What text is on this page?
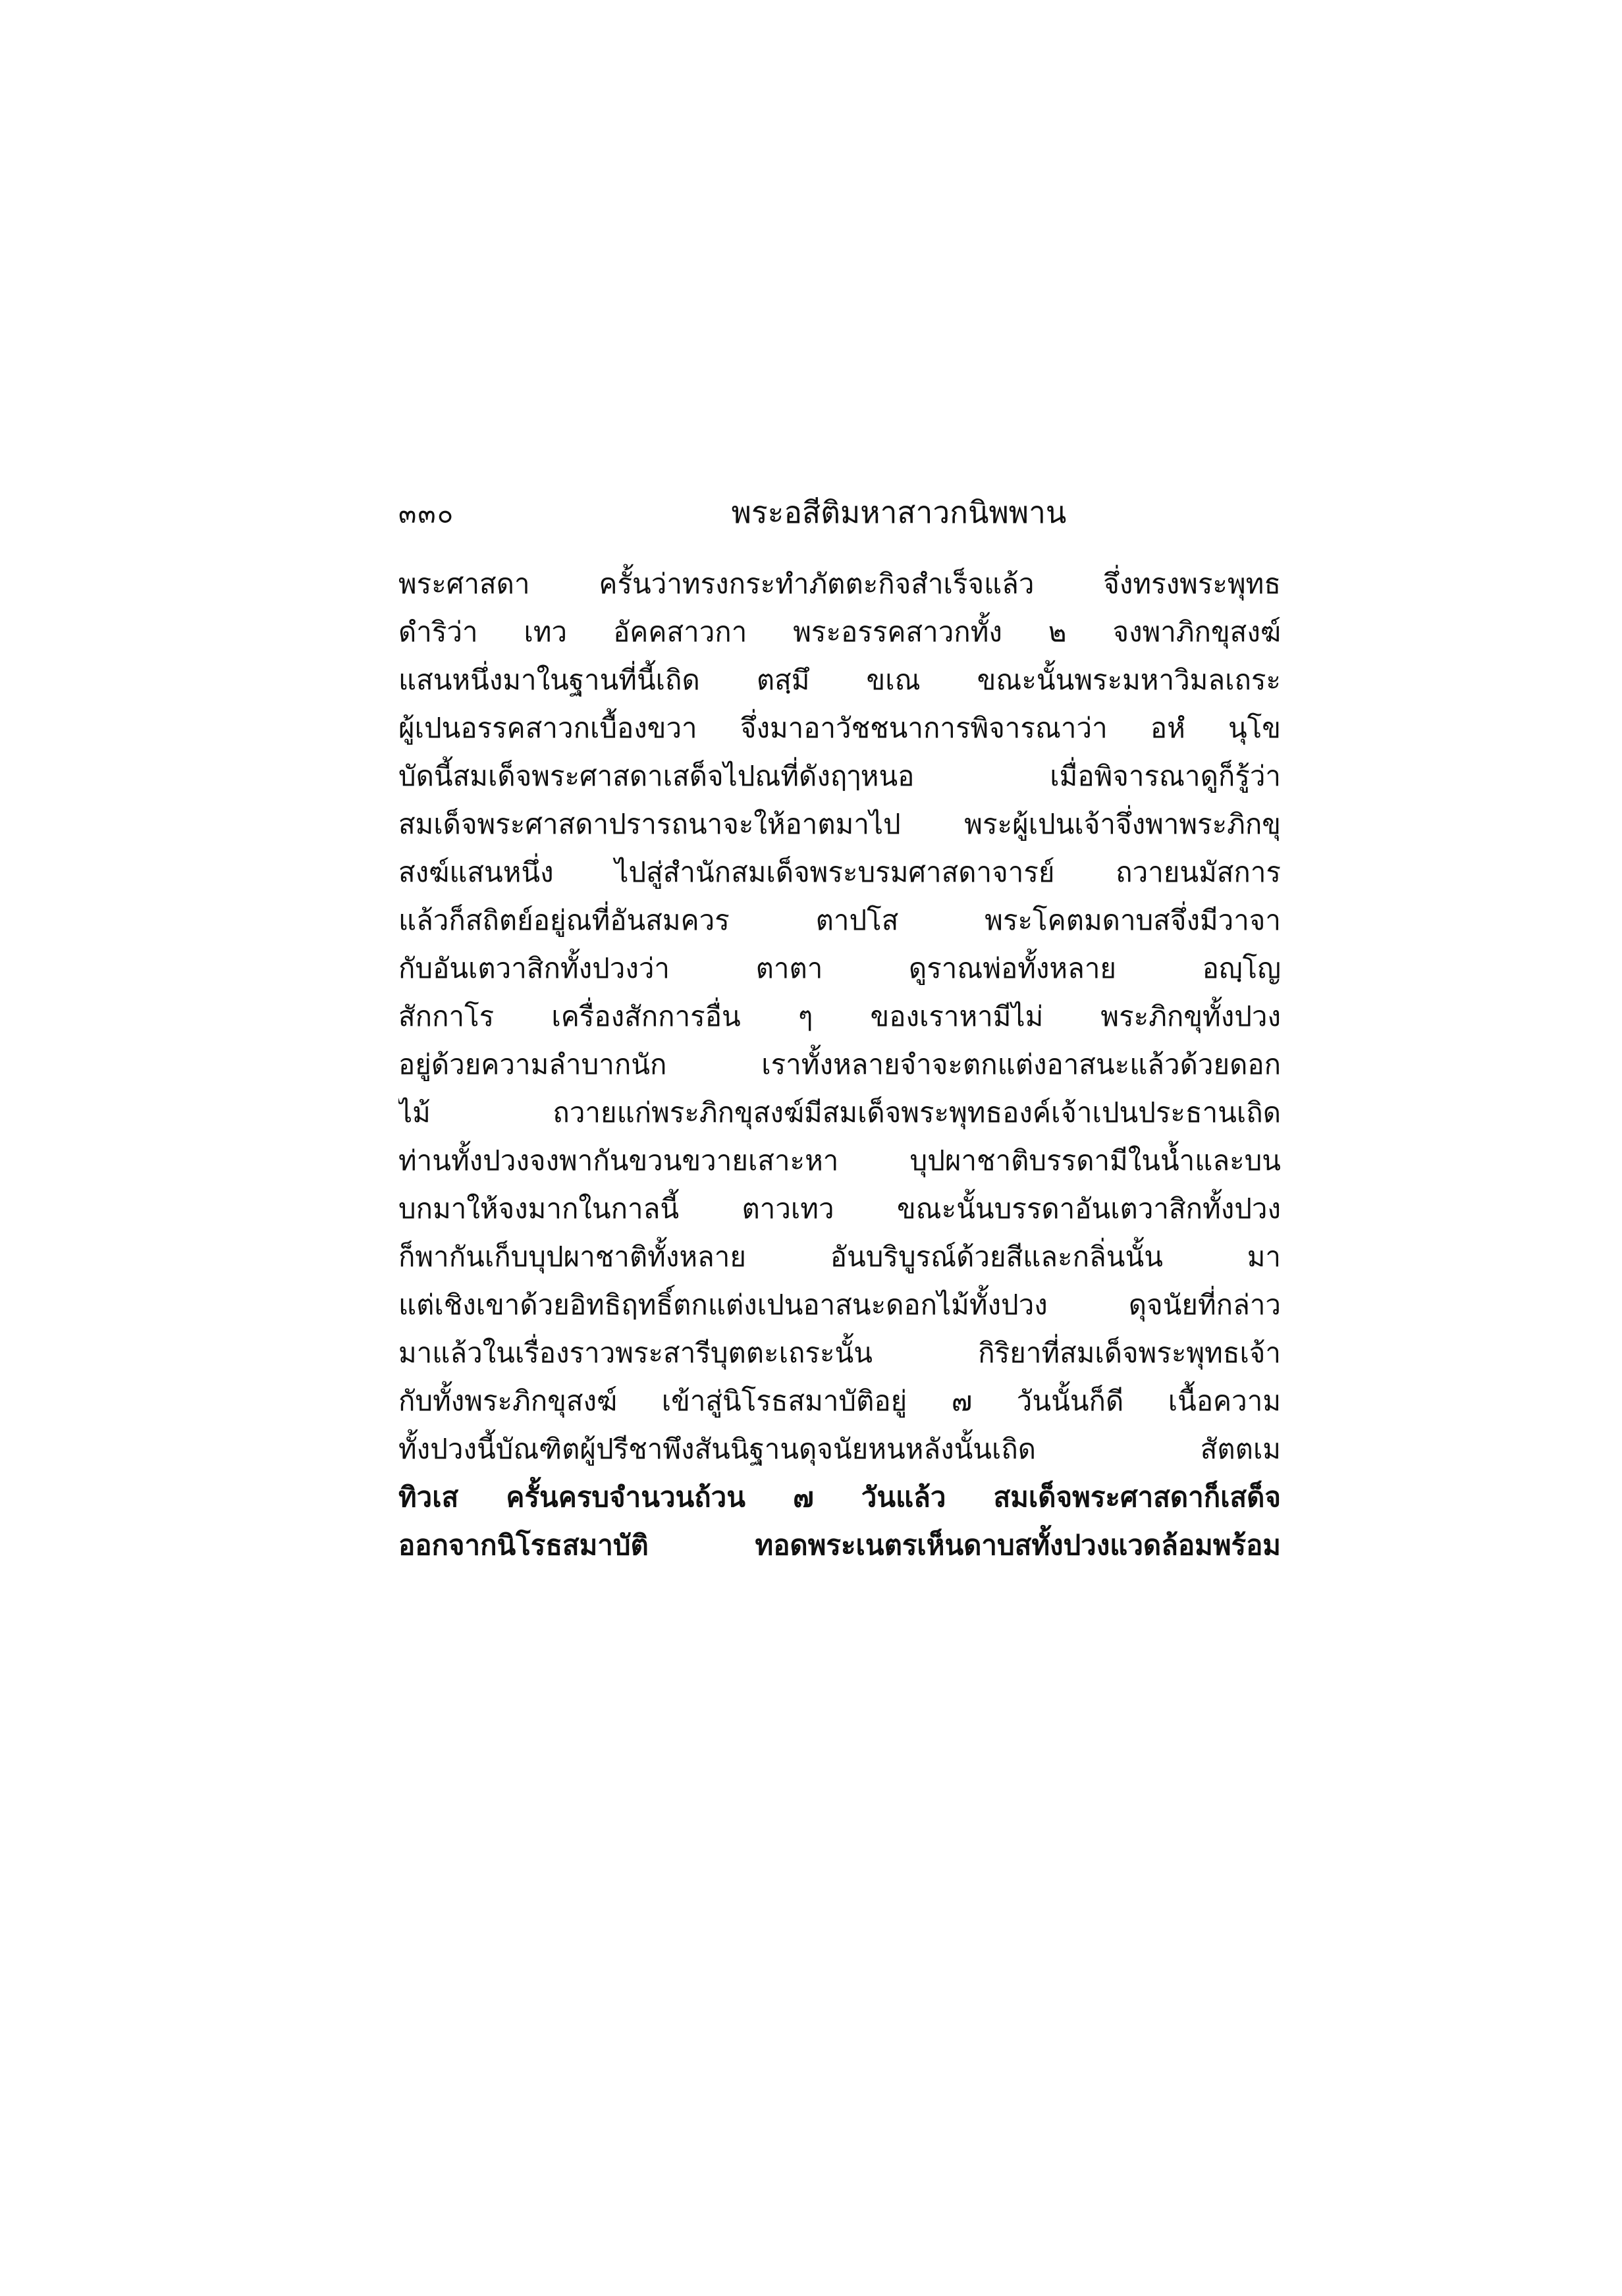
๓๓๐	พระอสีติมหาสาวกนิพพาน
พระศาสดา ครั้นว่าทรงกระทำภัตตะกิจสำเร็จแล้ว จึ่งทรงพระพุทธ
ดำริว่า เทว อัคคสาวกา พระอรรคสาวกทั้ง ๒ จงพาภิกขุสงฆ์
แสนหนึ่งมาในฐานที่นี้เถิด ตสฺมึ ขเณ ขณะนั้นพระมหาวิมลเถระ
ผู้เปนอรรคสาวกเบื้องขวา จึ่งมาอาวัชชนาการพิจารณาว่า อหํ นุโข
บัดนี้สมเด็จพระศาสดาเสด็จไปณที่ดังฤๅหนอ เมื่อพิจารณาดูก็รู้ว่า
สมเด็จพระศาสดาปรารถนาจะให้อาตมาไป พระผู้เปนเจ้าจึ่งพาพระภิกขุ
สงฆ์แสนหนึ่ง ไปสู่สำนักสมเด็จพระบรมศาสดาจารย์ ถวายนมัสการ
แล้วก็สถิตย์อยู่ณที่อันสมควร ตาปโส พระโคตมดาบสจึ่งมีวาจา
กับอันเตวาสิกทั้งปวงว่า ตาตา ดูราณพ่อทั้งหลาย อญฺโญ
สักกาโร เครื่องสักการอื่น ๆ ของเราหามีไม่ พระภิกขุทั้งปวง
อยู่ด้วยความลำบากนัก เราทั้งหลายจำจะตกแต่งอาสนะแล้วด้วยดอก
ไม้ ถวายแก่พระภิกขุสงฆ์มีสมเด็จพระพุทธองค์เจ้าเปนประธานเถิด
ท่านทั้งปวงจงพากันขวนขวายเสาะหา บุปผาชาติบรรดามีในน้ำและบน
บกมาให้จงมากในกาลนี้ ตาวเทว ขณะนั้นบรรดาอันเตวาสิกทั้งปวง
ก็พากันเก็บบุปผาชาติทั้งหลาย อันบริบูรณ์ด้วยสีและกลิ่นนั้น มา
แต่เชิงเขาด้วยอิทธิฤทธิ์ตกแต่งเปนอาสนะดอกไม้ทั้งปวง ดุจนัยที่กล่าว
มาแล้วในเรื่องราวพระสารีบุตตะเถระนั้น กิริยาที่สมเด็จพระพุทธเจ้า
กับทั้งพระภิกขุสงฆ์ เข้าสู่นิโรธสมาบัติอยู่ ๗ วันนั้นก็ดี เนื้อความ
ทั้งปวงนี้บัณฑิตผู้ปรีชาพึงสันนิฐานดุจนัยหนหลังนั้นเถิด สัตตเม
ทิวเส ครั้นครบจำนวนถ้วน ๗ วันแล้ว สมเด็จพระศาสดาก็เสด็จ
ออกจากนิโรธสมาบัติ ทอดพระเนตรเห็นดาบสทั้งปวงแวดล้อมพร้อม
